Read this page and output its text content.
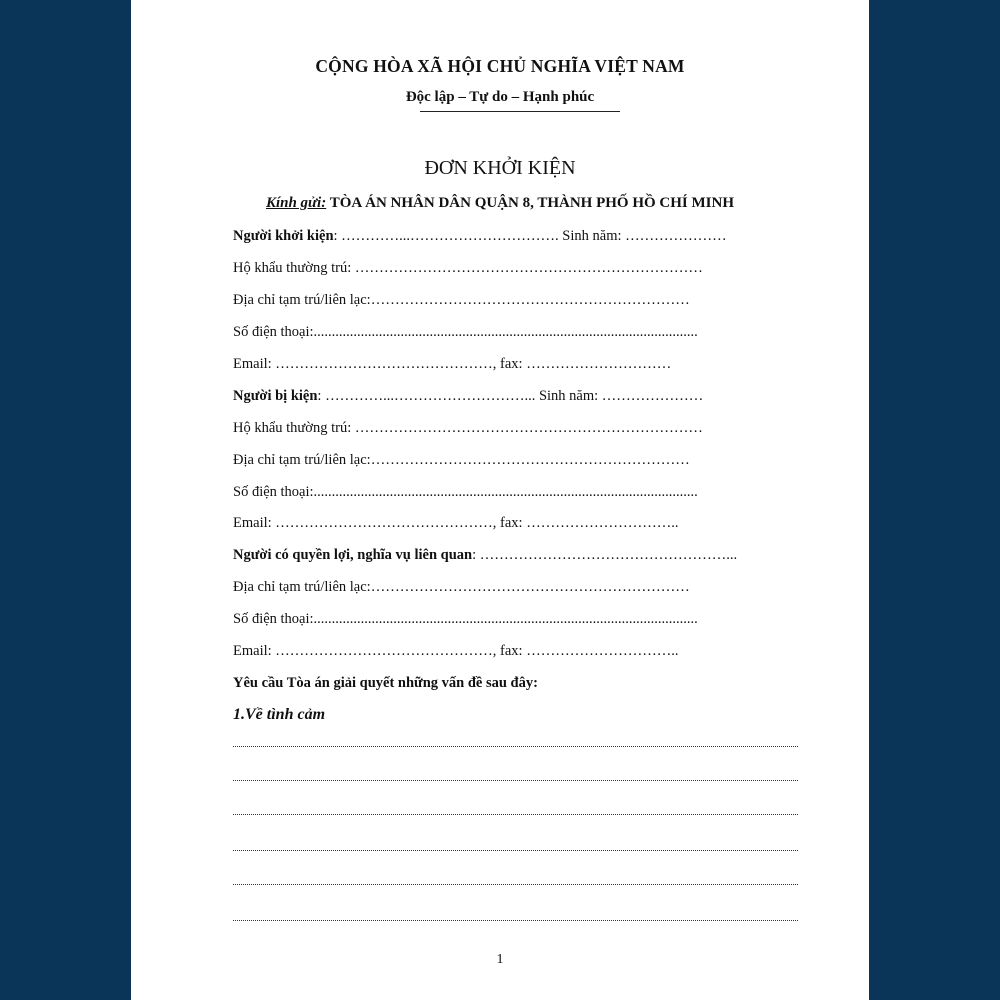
CỘNG HÒA XÃ HỘI CHỦ NGHĨA VIỆT NAM
Độc lập – Tự do – Hạnh phúc
ĐƠN KHỞI KIỆN
Kính gửi: TÒA ÁN NHÂN DÂN QUẬN 8, THÀNH PHỐ HỒ CHÍ MINH
Người khởi kiện: …………...…………………………. Sinh năm: …………………
Hộ khẩu thường trú: ………………………………………………………………
Địa chỉ tạm trú/liên lạc:…………………………………………………………
Số điện thoại:..........................................................................................................
Email: ………………………………………, fax: …………………………
Người bị kiện: …………...………………………... Sinh năm: …………………
Hộ khẩu thường trú: ………………………………………………………………
Địa chỉ tạm trú/liên lạc:…………………………………………………………
Số điện thoại:..........................................................................................................
Email: ………………………………………, fax: …………………………..
Người có quyền lợi, nghĩa vụ liên quan: ……………………………………………...
Địa chỉ tạm trú/liên lạc:…………………………………………………………
Số điện thoại:..........................................................................................................
Email: ………………………………………, fax: …………………………..
Yêu cầu Tòa án giải quyết những vấn đề sau đây:
1.Về tình cảm
1
